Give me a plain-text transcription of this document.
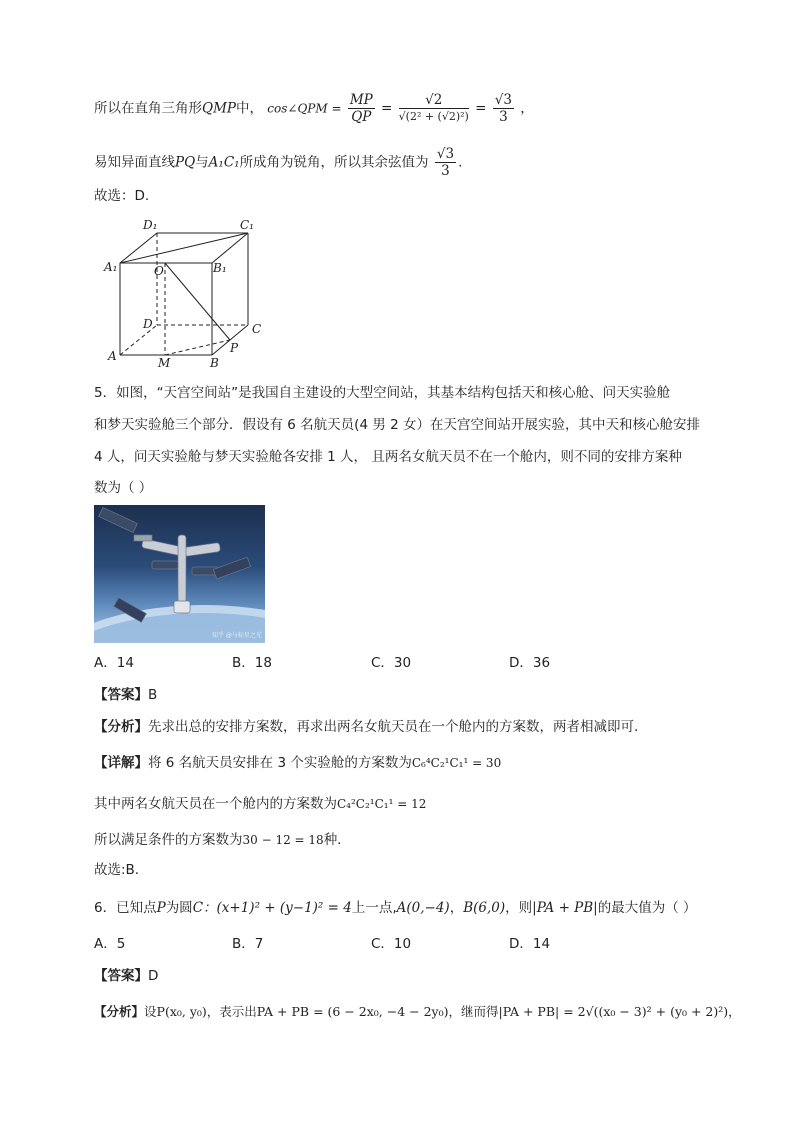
所以在直角三角形QMP中， cos∠QPM = $\frac{MP}{QP} = \frac{√2}{\text{√(2² + (√2)²)}} = \frac{√3}{3}$ ，
易知异面直线PQ与A₁C₁所成角为锐角，所以其余弦值为 $\frac{√3}{3}$ .
故选：D.
D₁	C₁
A₁	O	B₁
D	C
A	M	B
P
5．如图，“天宫空间站”是我国自主建设的大型空间站，其基本结构包括天和核心舱、问天实验舱
和梦天实验舱三个部分．假设有 6 名航天员(4 男 2 女）在天宫空间站开展实验，其中天和核心舱安排
4 人，问天实验舱与梦天实验舱各安排 1 人， 且两名女航天员不在一个舱内，则不同的安排方案种
数为（ ）
知乎 @与标星之光
A．14	B．18	C．30	D．36
【答案】B
【分析】先求出总的安排方案数，再求出两名女航天员在一个舱内的方案数，两者相减即可.
【详解】将 6 名航天员安排在 3 个实验舱的方案数为C₆⁴C₂¹C₁¹ = 30
其中两名女航天员在一个舱内的方案数为C₄²C₂¹C₁¹ = 12
所以满足条件的方案数为30 − 12 = 18种.
故选:B.
6．已知点P为圆C：(x+1)² + (y−1)² = 4上一点,A(0,−4)，B(6,0)，则|PA + PB|的最大值为（ ）
A．5	B．7	C．10	D．14
【答案】D
【分析】设P(x₀, y₀)，表示出PA + PB = (6 − 2x₀, −4 − 2y₀)，继而得|PA + PB| = 2√((x₀ − 3)² + (y₀ + 2)²)，
